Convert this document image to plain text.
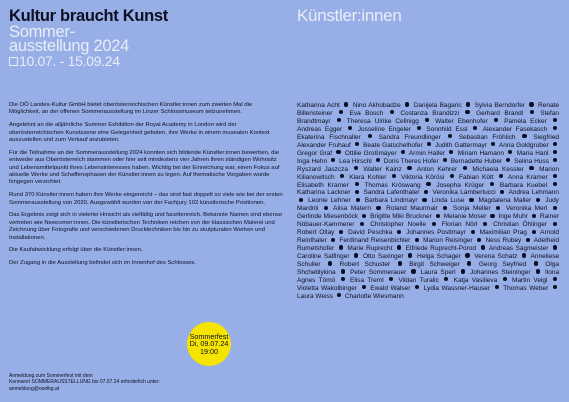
Kultur braucht Kunst
Sommer-
ausstellung 2024
10.07. - 15.09.24
Künstler:innen

Die OÖ Landes-Kultur GmbH bietet oberösterreichischen Künstler:innen zum zweiten Mal die Möglichkeit, an der offenen Sommerausstellung im Linzer Schlossmuseum teilzunehmen.

Angelehnt an die alljährliche Summer Exhibition der Royal Academy in London wird der oberösterreichischen Kunstszene eine Gelegenheit geboten, ihre Werke in einem musealen Kontext auszustellen und zum Verkauf anzubieten.

Für die Teilnahme an der Sommerausstellung 2024 konnten sich bildende Künstler:innen bewerben, die entweder aus Oberösterreich stammen oder hier seit mindestens vier Jahren ihren ständigen Wohnsitz und Lebensmittelpunkt ihres Lebensinteresses haben. Wichtig bei der Einreichung war, einen Fokus auf aktuelle Werke und Schaffensphasen der Künstler:innen zu legen. Auf thematische Vorgaben wurde hingegen verzichtet.

Rund 370 Künstler:innen haben ihre Werke eingereicht – das sind fast doppelt so viele wie bei der ersten Sommerausstellung von 2020. Ausgewählt wurden von der Fachjury 102 künstlerische Positionen.

Das Ergebnis zeigt sich in vielerlei Hinsicht als vielfältig und facettenreich. Bekannte Namen sind ebenso vertreten wie Newcomer:innen. Die künstlerischen Techniken reichen von der klassischen Malerei und Zeichnung über Fotografie und verschiedenen Drucktechniken bis hin zu skulpturalen Werken und Installationen.

Die Kaufabwicklung erfolgt über die Künstler:innen.

Der Zugang in die Ausstellung befindet sich im Innenhof des Schlosses.

Sommerfest
Di, 09.07.24
19:00
Anmeldung zum Sommerfest mit dem
Kennwort SOMMERAUSSTELLUNG bis 07.07.24 erforderlich unter:
anmeldung@ooelkg.at
Katharina Acht Nino Akhobadze Danijela Bagaric Sylvia Berndorfer Renate Billensteiner	Eva Bosch	Costanza Brandizzi	Gerhard Brandl	Stefan Brandtmayr Theresa Ulrike Cellnigg	Walter Ebenhofer	Pamela Ecker  Andreas Egger Josseline Engeler Sonnhild Essl Alexander Fasekasch  Ekaterina Fischnaller	Sandra Freundlinger	Sebastian Fröhlich	Siegfried Alexander Fruhauf Beate Gatschelhofer Judith Gattermayr Anna Goldgruber  Gregor Graf Ottilie Großmayer Armin Haller Miriam Hamann Maria Hanl  Inga Hehn Lea Hirschl Doris Theres Hofer Bernadette Huber Selina Huss  Ryszard Jaszcza Walter Kainz Anton Kehrer Michaela Kessler Marion Kilianowitsch Klara Kohler Viktoria Körösi Fabian Kött Anna Kramer  Elisabeth Kramer Thomas Kröswang Josepha Krüger Barbara Kuebel  Katharina Lackner Sandra Lafenthaler Veronika Lambertucci Andrea Lehmann  Leonie Lehner Barbara Lindmayr Linda Luse Magdalena Maller Judy Mardnli Alisa Matern Roland Maurmair Sonja Meller Veronika Merl  Gerlinde Miesenböck Brigitte Miki Bruckner Melanie Moser Inge Muhr Rainer Nöbauer-Kammerer Christopher Noelle Florian Nörl Christian Öhlinger  Robert Oltay David Peschka Johannes Postlmayr Maximilian Prag Arnold Reinthaler Ferdinand Reisenbichler Marion Reisinger Ness Rubey Adelheid Rumetshofer Marie Ruprecht Elfriede Ruprecht-Porod Andreas Sagmeister  Caroline Salfinger Otto Saxinger Helga Schager Verena Schatz Anneliese Schuller	Robert Schuster	Birgit Schweiger	Georg Seyfried	Olga Shcheblykina Peter Sommerauer Laura Sperl Johannes Steininger Ilona Agnes Tömö Elisa Treml Vildan Turalic Katja Vasilieva Martin Veigl  Violetta Wakolbinger Ewald Walser Lydia Wassner-Hauser Thomas Weber  Laura Weiss Charlotte Wiesmann
